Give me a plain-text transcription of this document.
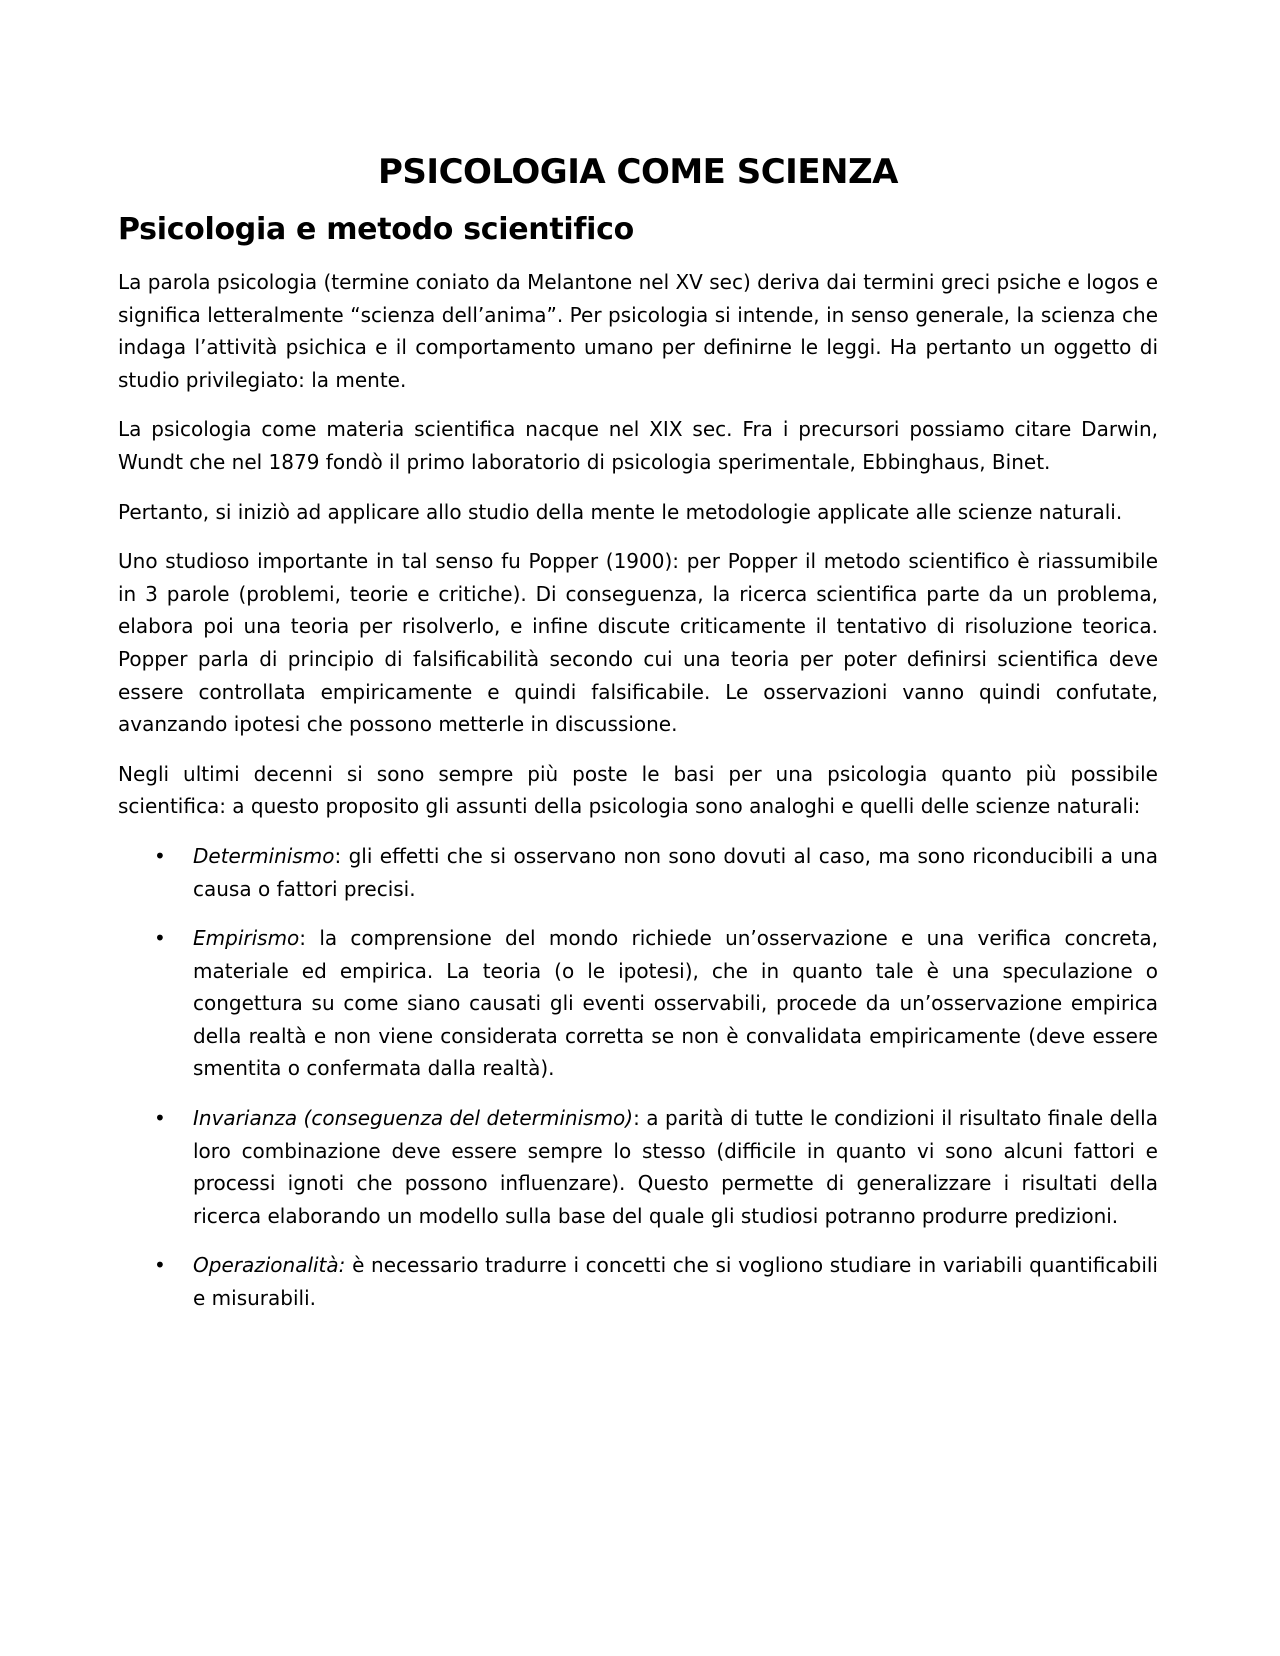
PSICOLOGIA COME SCIENZA
Psicologia e metodo scientifico

La parola psicologia (termine coniato da Melantone nel XV sec) deriva dai termini greci psiche e logos e significa letteralmente “scienza dell’anima”. Per psicologia si intende, in senso generale, la scienza che indaga l’attività psichica e il comportamento umano per definirne le leggi. Ha pertanto un oggetto di studio privilegiato: la mente.

La psicologia come materia scientifica nacque nel XIX sec. Fra i precursori possiamo citare Darwin, Wundt che nel 1879 fondò il primo laboratorio di psicologia sperimentale, Ebbinghaus, Binet.

Pertanto, si iniziò ad applicare allo studio della mente le metodologie applicate alle scienze naturali.

Uno studioso importante in tal senso fu Popper (1900): per Popper il metodo scientifico è riassumibile in 3 parole (problemi, teorie e critiche). Di conseguenza, la ricerca scientifica parte da un problema, elabora poi una teoria per risolverlo, e infine discute criticamente il tentativo di risoluzione teorica. Popper parla di principio di falsificabilità secondo cui una teoria per poter definirsi scientifica deve essere controllata empiricamente e quindi falsificabile. Le osservazioni vanno quindi confutate, avanzando ipotesi che possono metterle in discussione.

Negli ultimi decenni si sono sempre più poste le basi per una psicologia quanto più possibile scientifica: a questo proposito gli assunti della psicologia sono analoghi e quelli delle scienze naturali:

• Determinismo: gli effetti che si osservano non sono dovuti al caso, ma sono riconducibili a una causa o fattori precisi.
• Empirismo: la comprensione del mondo richiede un’osservazione e una verifica concreta, materiale ed empirica. La teoria (o le ipotesi), che in quanto tale è una speculazione o congettura su come siano causati gli eventi osservabili, procede da un’osservazione empirica della realtà e non viene considerata corretta se non è convalidata empiricamente (deve essere smentita o confermata dalla realtà).
• Invarianza (conseguenza del determinismo): a parità di tutte le condizioni il risultato finale della loro combinazione deve essere sempre lo stesso (difficile in quanto vi sono alcuni fattori e processi ignoti che possono influenzare). Questo permette di generalizzare i risultati della ricerca elaborando un modello sulla base del quale gli studiosi potranno produrre predizioni.
• Operazionalità: è necessario tradurre i concetti che si vogliono studiare in variabili quantificabili e misurabili.
